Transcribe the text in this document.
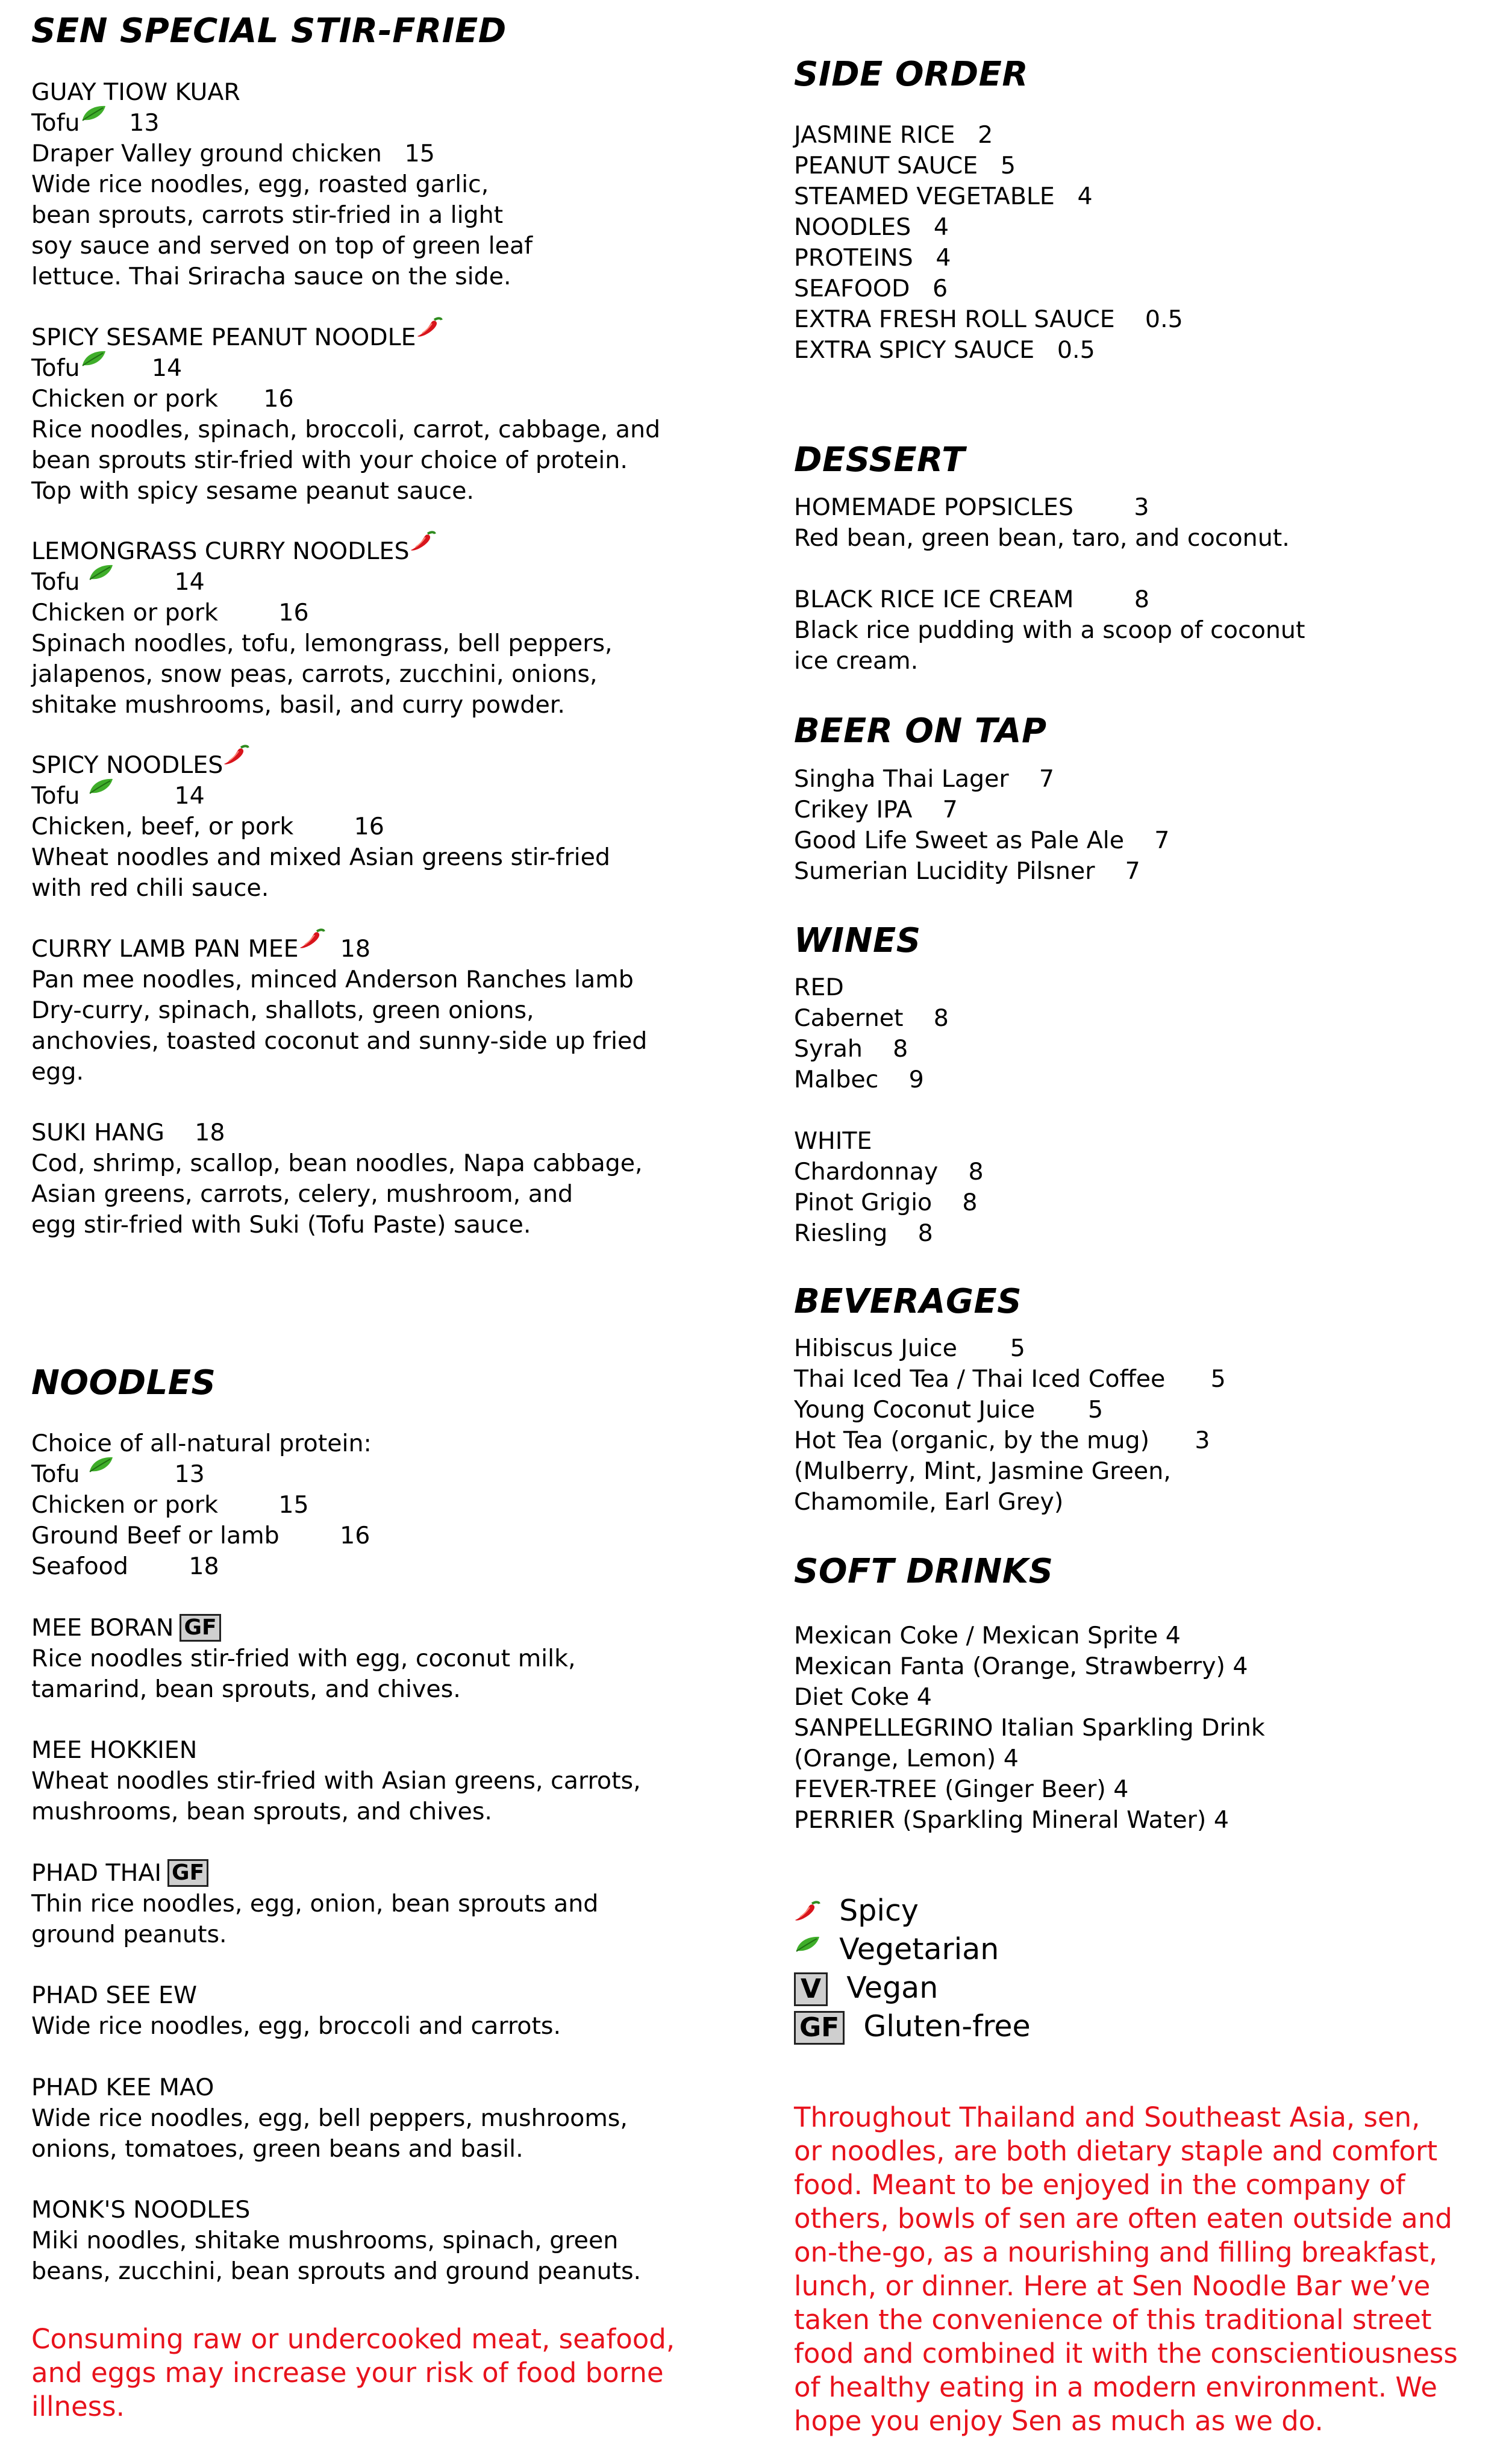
SEN SPECIAL STIR-FRIED

GUAY TIOW KUAR

Tofu 13

Draper Valley ground chicken   15

Wide rice noodles, egg, roasted garlic,

bean sprouts, carrots stir-fried in a light

soy sauce and served on top of green leaf

lettuce. Thai Sriracha sauce on the side.

SPICY SESAME PEANUT NOODLE

Tofu	14

Chicken or pork      16

Rice noodles, spinach, broccoli, carrot, cabbage, and

bean sprouts stir-fried with your choice of protein.

Top with spicy sesame peanut sauce.

LEMONGRASS CURRY NOODLES

Tofu	14

Chicken or pork        16

Spinach noodles, tofu, lemongrass, bell peppers,

jalapenos, snow peas, carrots, zucchini, onions,

shitake mushrooms, basil, and curry powder.

SPICY NOODLES

Tofu	14

Chicken, beef, or pork        16

Wheat noodles and mixed Asian greens stir-fried

with red chili sauce.

CURRY LAMB PAN MEE 18

Pan mee noodles, minced Anderson Ranches lamb

Dry-curry, spinach, shallots, green onions,

anchovies, toasted coconut and sunny-side up fried

egg.

SUKI HANG    18

Cod, shrimp, scallop, bean noodles, Napa cabbage,

Asian greens, carrots, celery, mushroom, and

egg stir-fried with Suki (Tofu Paste) sauce.

NOODLES

Choice of all-natural protein:

Tofu	13

Chicken or pork        15

Ground Beef or lamb        16

Seafood        18

MEE BORAN GF

Rice noodles stir-fried with egg, coconut milk,

tamarind, bean sprouts, and chives.

MEE HOKKIEN

Wheat noodles stir-fried with Asian greens, carrots,

mushrooms, bean sprouts, and chives.

PHAD THAI GF

Thin rice noodles, egg, onion, bean sprouts and

ground peanuts.

PHAD SEE EW

Wide rice noodles, egg, broccoli and carrots.

PHAD KEE MAO

Wide rice noodles, egg, bell peppers, mushrooms,

onions, tomatoes, green beans and basil.

MONK'S NOODLES

Miki noodles, shitake mushrooms, spinach, green

beans, zucchini, bean sprouts and ground peanuts.

Consuming raw or undercooked meat, seafood,

and eggs may increase your risk of food borne

illness.

SIDE ORDER

JASMINE RICE   2

PEANUT SAUCE   5

STEAMED VEGETABLE   4

NOODLES   4

PROTEINS   4

SEAFOOD   6

EXTRA FRESH ROLL SAUCE    0.5

EXTRA SPICY SAUCE   0.5

DESSERT

HOMEMADE POPSICLES        3

Red bean, green bean, taro, and coconut.

BLACK RICE ICE CREAM        8

Black rice pudding with a scoop of coconut

ice cream.

BEER ON TAP

Singha Thai Lager    7

Crikey IPA    7

Good Life Sweet as Pale Ale    7

Sumerian Lucidity Pilsner    7

WINES

RED

Cabernet    8

Syrah    8

Malbec    9

WHITE

Chardonnay    8

Pinot Grigio    8

Riesling    8

BEVERAGES

Hibiscus Juice       5

Thai Iced Tea / Thai Iced Coffee      5

Young Coconut Juice       5

Hot Tea (organic, by the mug)      3

(Mulberry, Mint, Jasmine Green,

Chamomile, Earl Grey)

SOFT DRINKS

Mexican Coke / Mexican Sprite 4

Mexican Fanta (Orange, Strawberry) 4

Diet Coke 4

SANPELLEGRINO Italian Sparkling Drink

(Orange, Lemon) 4

FEVER-TREE (Ginger Beer) 4

PERRIER (Sparkling Mineral Water) 4

Spicy

Vegetarian

V Vegan

GF Gluten-free

Throughout Thailand and Southeast Asia, sen,

or noodles, are both dietary staple and comfort

food. Meant to be enjoyed in the company of

others, bowls of sen are often eaten outside and

on-the-go, as a nourishing and filling breakfast,

lunch, or dinner. Here at Sen Noodle Bar we’ve

taken the convenience of this traditional street

food and combined it with the conscientiousness

of healthy eating in a modern environment. We

hope you enjoy Sen as much as we do.
